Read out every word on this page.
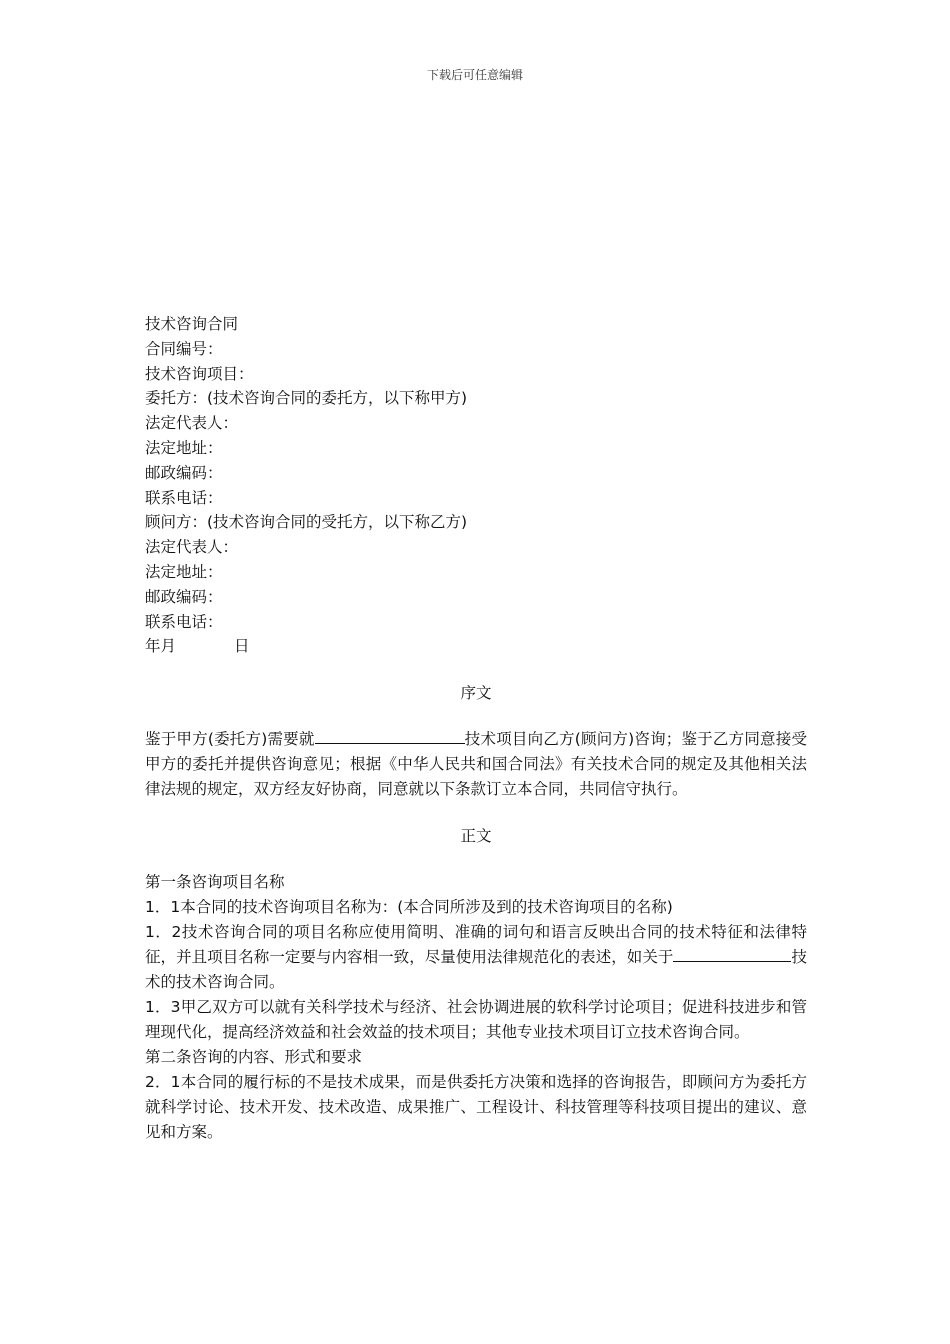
下载后可任意编辑
技术咨询合同
合同编号：
技术咨询项目：
委托方：(技术咨询合同的委托方，以下称甲方)
法定代表人：
法定地址：
邮政编码：
联系电话：
顾问方：(技术咨询合同的受托方，以下称乙方)
法定代表人：
法定地址：
邮政编码：
联系电话：
年月	日
序文

鉴于甲方(委托方)需要就	技术项目向乙方(顾问方)咨询；鉴于乙方同意接受甲方的委托并提供咨询意见；根据《中华人民共和国合同法》有关技术合同的规定及其他相关法律法规的规定，双方经友好协商，同意就以下条款订立本合同，共同信守执行。

正文

第一条咨询项目名称

1．1本合同的技术咨询项目名称为：(本合同所涉及到的技术咨询项目的名称)

1．2技术咨询合同的项目名称应使用简明、准确的词句和语言反映出合同的技术特征和法律特征，并且项目名称一定要与内容相一致，尽量使用法律规范化的表述，如关于	技术的技术咨询合同。

1．3甲乙双方可以就有关科学技术与经济、社会协调进展的软科学讨论项目；促进科技进步和管理现代化，提高经济效益和社会效益的技术项目；其他专业技术项目订立技术咨询合同。

第二条咨询的内容、形式和要求

2．1本合同的履行标的不是技术成果，而是供委托方决策和选择的咨询报告，即顾问方为委托方就科学讨论、技术开发、技术改造、成果推广、工程设计、科技管理等科技项目提出的建议、意见和方案。
